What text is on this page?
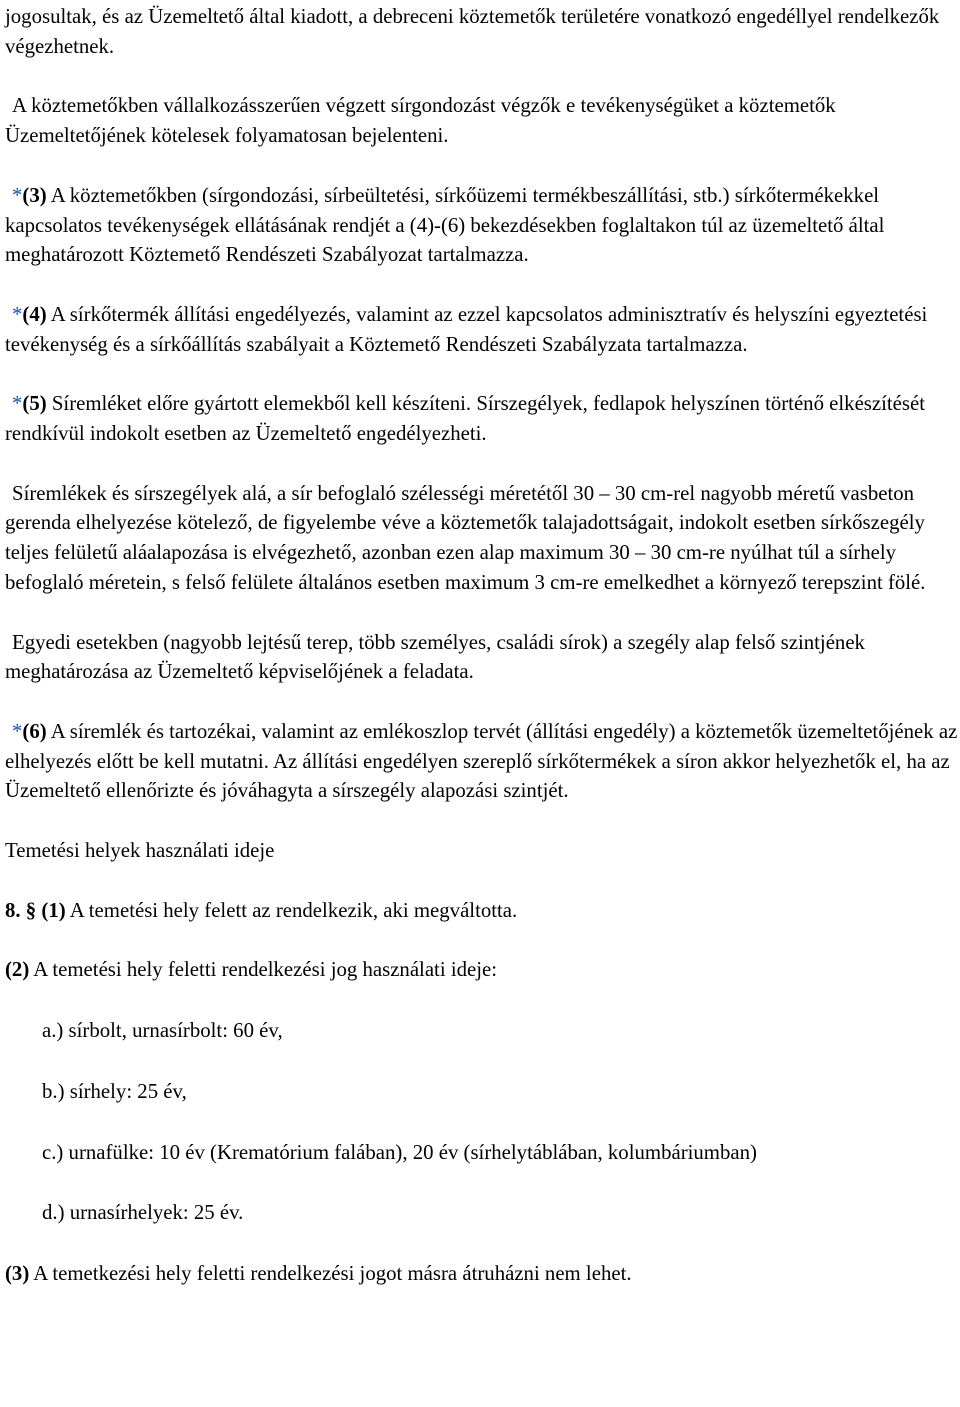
jogosultak, és az Üzemeltető által kiadott, a debreceni köztemetők területére vonatkozó engedéllyel rendelkezők végezhetnek.

A köztemetőkben vállalkozásszerűen végzett sírgondozást végzők e tevékenységüket a köztemetők Üzemeltetőjének kötelesek folyamatosan bejelenteni.

*(3) A köztemetőkben (sírgondozási, sírbeültetési, sírkőüzemi termékbeszállítási, stb.) sírkőtermékekkel kapcsolatos tevékenységek ellátásának rendjét a (4)-(6) bekezdésekben foglaltakon túl az üzemeltető által meghatározott Köztemető Rendészeti Szabályozat tartalmazza.

*(4) A sírkőtermék állítási engedélyezés, valamint az ezzel kapcsolatos adminisztratív és helyszíni egyeztetési tevékenység és a sírkőállítás szabályait a Köztemető Rendészeti Szabályzata tartalmazza.

*(5) Síremléket előre gyártott elemekből kell készíteni. Sírszegélyek, fedlapok helyszínen történő elkészítését rendkívül indokolt esetben az Üzemeltető engedélyezheti.

Síremlékek és sírszegélyek alá, a sír befoglaló szélességi méretétől 30 – 30 cm-rel nagyobb méretű vasbeton gerenda elhelyezése kötelező, de figyelembe véve a köztemetők talajadottságait, indokolt esetben sírkőszegély teljes felületű aláalapozása is elvégezhető, azonban ezen alap maximum 30 – 30 cm-re nyúlhat túl a sírhely befoglaló méretein, s felső felülete általános esetben maximum 3 cm-re emelkedhet a környező terepszint fölé.

Egyedi esetekben (nagyobb lejtésű terep, több személyes, családi sírok) a szegély alap felső szintjének meghatározása az Üzemeltető képviselőjének a feladata.

*(6) A síremlék és tartozékai, valamint az emlékoszlop tervét (állítási engedély) a köztemetők üzemeltetőjének az elhelyezés előtt be kell mutatni. Az állítási engedélyen szereplő sírkőtermékek a síron akkor helyezhetők el, ha az Üzemeltető ellenőrizte és jóváhagyta a sírszegély alapozási szintjét.

Temetési helyek használati ideje

8. § (1) A temetési hely felett az rendelkezik, aki megváltotta.

(2) A temetési hely feletti rendelkezési jog használati ideje:

a.) sírbolt, urnasírbolt: 60 év,

b.) sírhely: 25 év,

c.) urnafülke: 10 év (Krematórium falában), 20 év (sírhelytáblában, kolumbáriumban)

d.) urnasírhelyek: 25 év.

(3) A temetkezési hely feletti rendelkezési jogot másra átruházni nem lehet.
